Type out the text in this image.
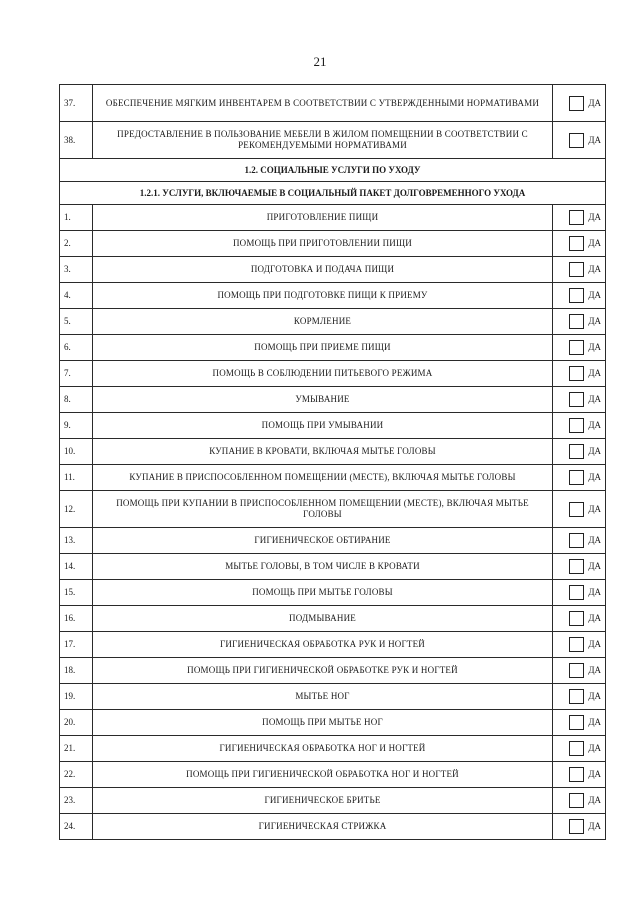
21
37.	ОБЕСПЕЧЕНИЕ МЯГКИМ ИНВЕНТАРЕМ В СООТВЕТСТВИИ С УТВЕРЖДЕННЫМИ НОРМАТИВАМИ	ДА

38.	ПРЕДОСТАВЛЕНИЕ В ПОЛЬЗОВАНИЕ МЕБЕЛИ В ЖИЛОМ ПОМЕЩЕНИИ В СООТВЕТСТВИИ С РЕКОМЕНДУЕМЫМИ НОРМАТИВАМИ	ДА

1.2. СОЦИАЛЬНЫЕ УСЛУГИ ПО УХОДУ		
1.2.1. УСЛУГИ, ВКЛЮЧАЕМЫЕ В СОЦИАЛЬНЫЙ ПАКЕТ ДОЛГОВРЕМЕННОГО УХОДА		
1.	ПРИГОТОВЛЕНИЕ ПИЩИ	ДА

2.	ПОМОЩЬ ПРИ ПРИГОТОВЛЕНИИ ПИЩИ	ДА

3.	ПОДГОТОВКА И ПОДАЧА ПИЩИ	ДА

4.	ПОМОЩЬ ПРИ ПОДГОТОВКЕ ПИЩИ К ПРИЕМУ	ДА

5.	КОРМЛЕНИЕ	ДА

6.	ПОМОЩЬ ПРИ ПРИЕМЕ ПИЩИ	ДА

7.	ПОМОЩЬ В СОБЛЮДЕНИИ ПИТЬЕВОГО РЕЖИМА	ДА

8.	УМЫВАНИЕ	ДА

9.	ПОМОЩЬ ПРИ УМЫВАНИИ	ДА

10.	КУПАНИЕ В КРОВАТИ, ВКЛЮЧАЯ МЫТЬЕ ГОЛОВЫ	ДА

11.	КУПАНИЕ В ПРИСПОСОБЛЕННОМ ПОМЕЩЕНИИ (МЕСТЕ), ВКЛЮЧАЯ МЫТЬЕ ГОЛОВЫ	ДА

12.	ПОМОЩЬ ПРИ КУПАНИИ В ПРИСПОСОБЛЕННОМ ПОМЕЩЕНИИ (МЕСТЕ), ВКЛЮЧАЯ МЫТЬЕ ГОЛОВЫ	ДА

13.	ГИГИЕНИЧЕСКОЕ ОБТИРАНИЕ	ДА

14.	МЫТЬЕ ГОЛОВЫ, В ТОМ ЧИСЛЕ В КРОВАТИ	ДА

15.	ПОМОЩЬ ПРИ МЫТЬЕ ГОЛОВЫ	ДА

16.	ПОДМЫВАНИЕ	ДА

17.	ГИГИЕНИЧЕСКАЯ ОБРАБОТКА РУК И НОГТЕЙ	ДА

18.	ПОМОЩЬ ПРИ ГИГИЕНИЧЕСКОЙ ОБРАБОТКЕ РУК И НОГТЕЙ	ДА

19.	МЫТЬЕ НОГ	ДА

20.	ПОМОЩЬ ПРИ МЫТЬЕ НОГ	ДА

21.	ГИГИЕНИЧЕСКАЯ ОБРАБОТКА НОГ И НОГТЕЙ	ДА

22.	ПОМОЩЬ ПРИ ГИГИЕНИЧЕСКОЙ ОБРАБОТКА НОГ И НОГТЕЙ	ДА

23.	ГИГИЕНИЧЕСКОЕ БРИТЬЕ	ДА

24.	ГИГИЕНИЧЕСКАЯ СТРИЖКА	ДА
